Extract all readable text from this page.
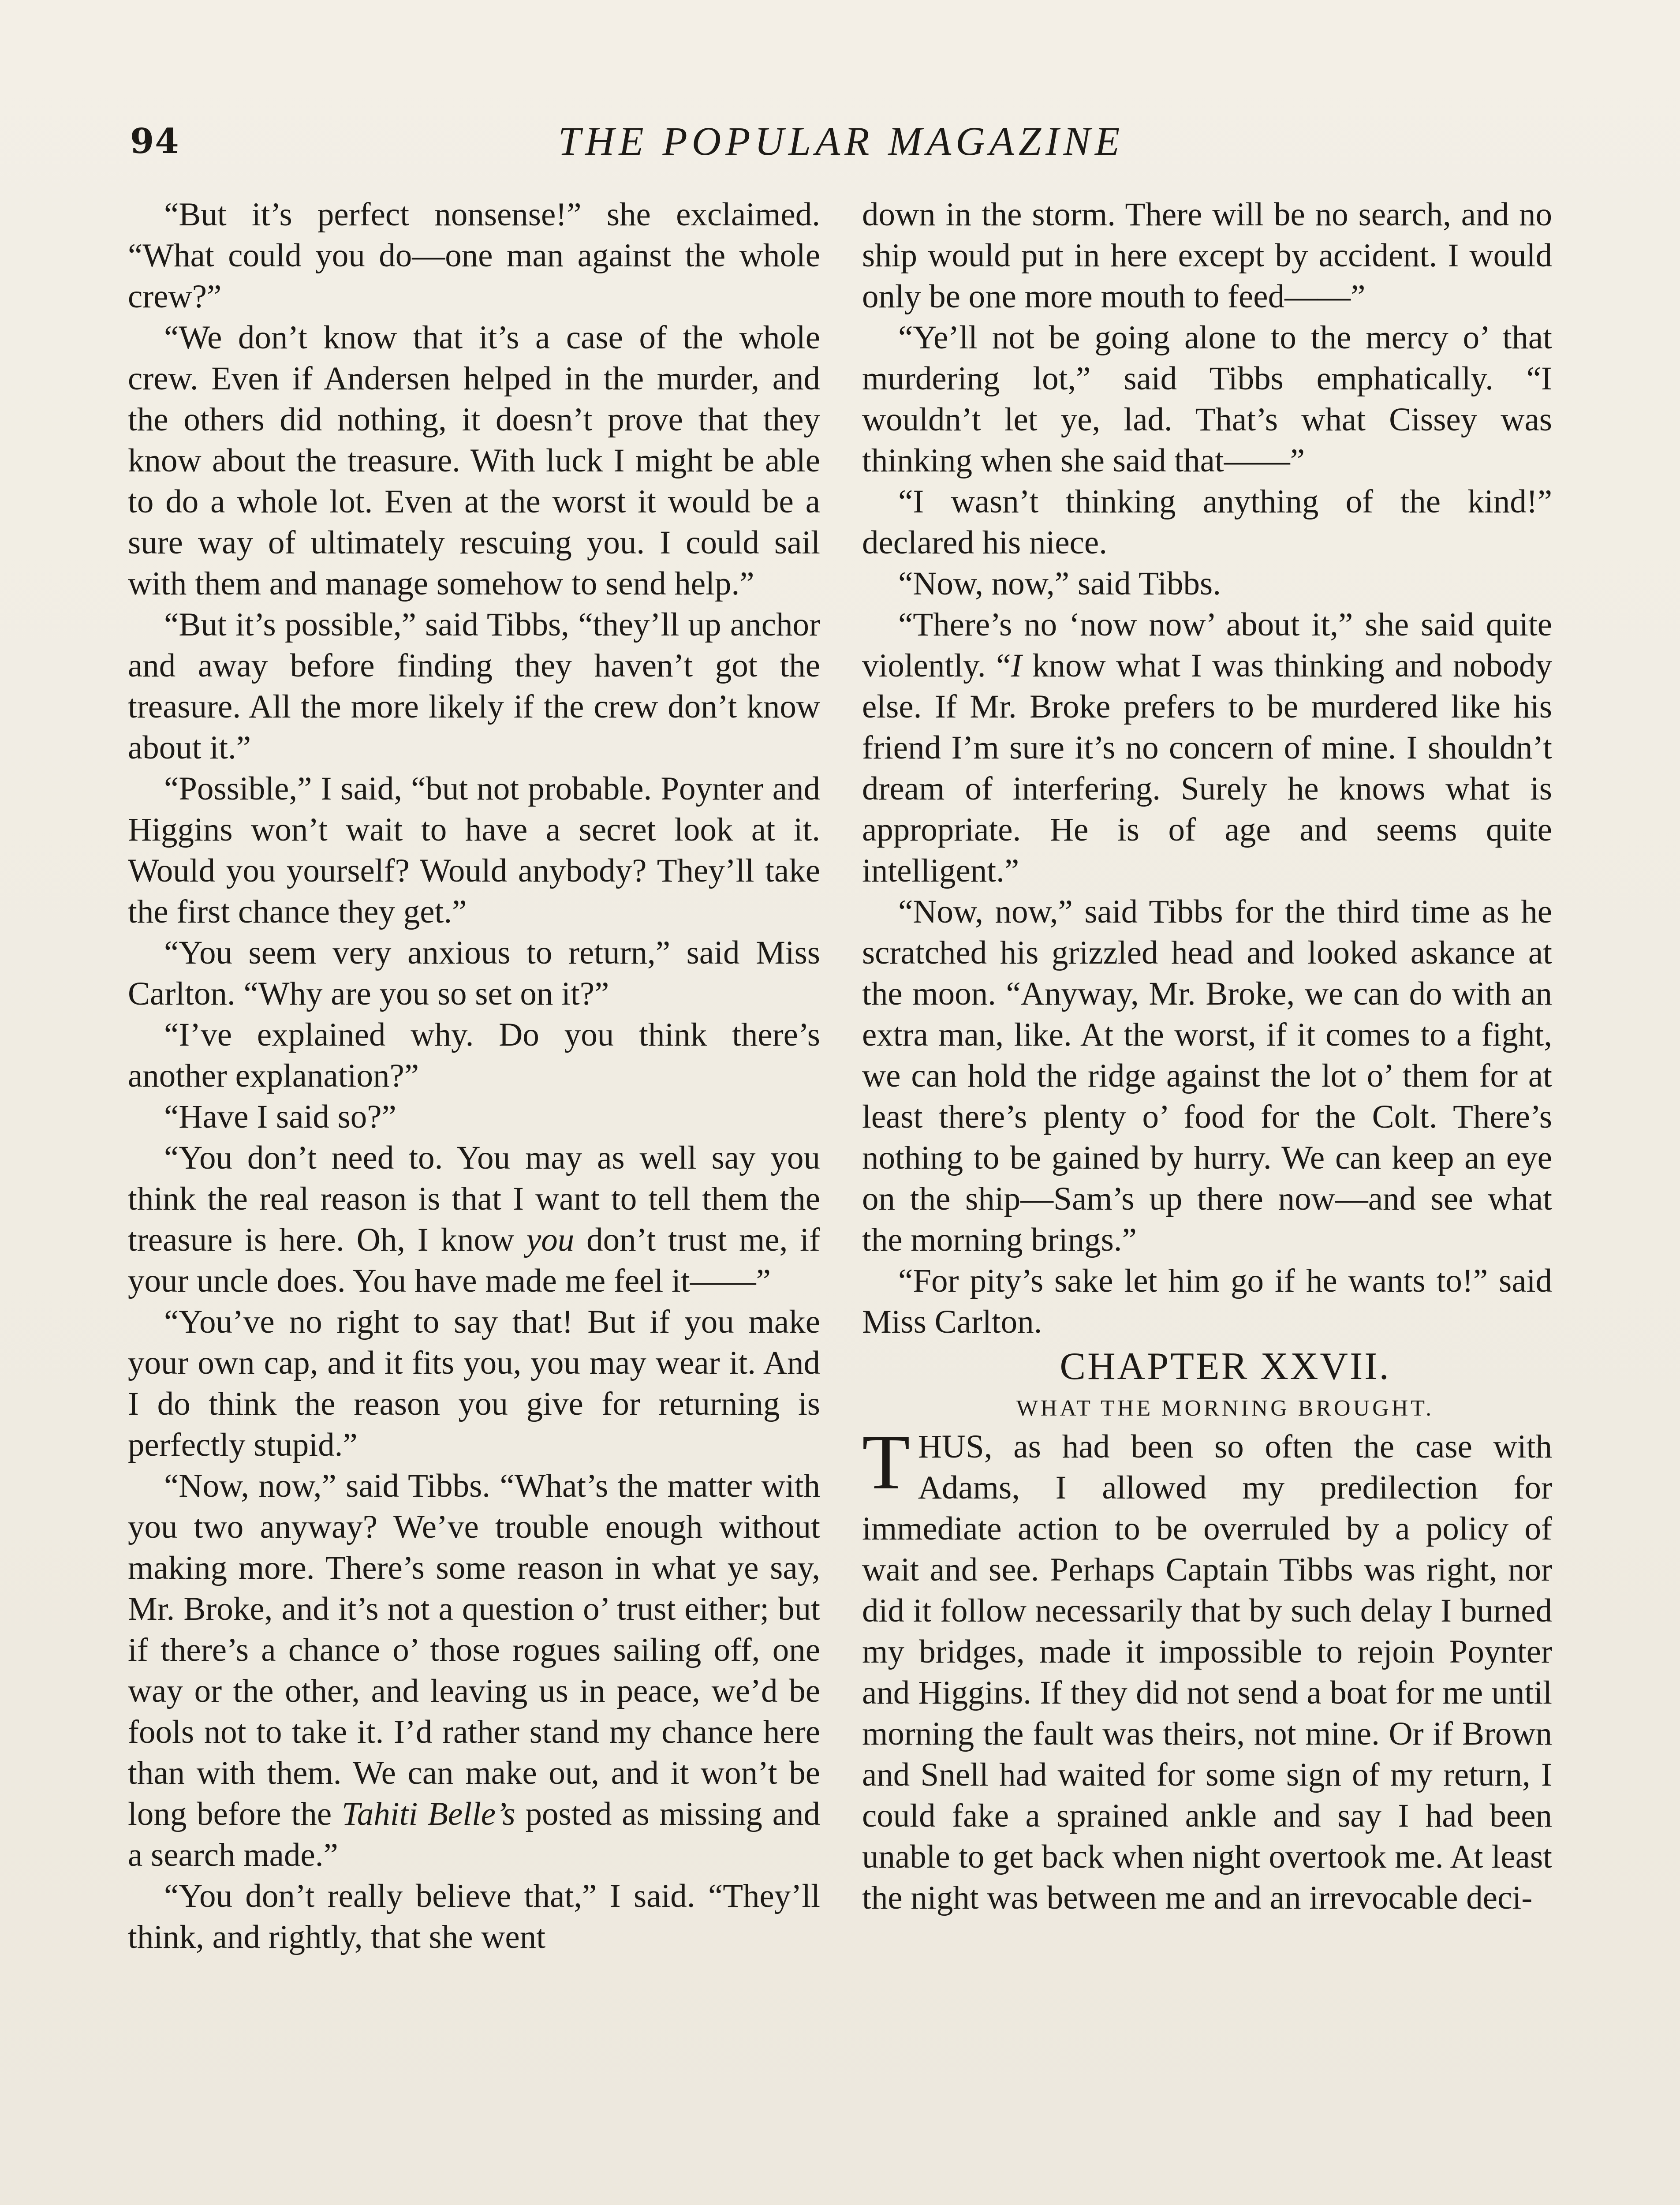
94	THE POPULAR MAGAZINE

“But it’s perfect nonsense!” she exclaimed. “What could you do—one man against the whole crew?”

“We don’t know that it’s a case of the whole crew. Even if Andersen helped in the murder, and the others did nothing, it doesn’t prove that they know about the treasure. With luck I might be able to do a whole lot. Even at the worst it would be a sure way of ultimately rescuing you. I could sail with them and manage somehow to send help.”

“But it’s possible,” said Tibbs, “they’ll up anchor and away before finding they haven’t got the treasure. All the more likely if the crew don’t know about it.”

“Possible,” I said, “but not probable. Poynter and Higgins won’t wait to have a secret look at it. Would you yourself? Would anybody? They’ll take the first chance they get.”

“You seem very anxious to return,” said Miss Carlton. “Why are you so set on it?”

“I’ve explained why. Do you think there’s another explanation?”

“Have I said so?”

“You don’t need to. You may as well say you think the real reason is that I want to tell them the treasure is here. Oh, I know you don’t trust me, if your uncle does. You have made me feel it——”

“You’ve no right to say that! But if you make your own cap, and it fits you, you may wear it. And I do think the reason you give for returning is perfectly stupid.”

“Now, now,” said Tibbs. “What’s the matter with you two anyway? We’ve trouble enough without making more. There’s some reason in what ye say, Mr. Broke, and it’s not a question o’ trust either; but if there’s a chance o’ those rogues sailing off, one way or the other, and leaving us in peace, we’d be fools not to take it. I’d rather stand my chance here than with them. We can make out, and it won’t be long before the Tahiti Belle’s posted as missing and a search made.”

“You don’t really believe that,” I said. “They’ll think, and rightly, that she went

down in the storm. There will be no search, and no ship would put in here except by accident. I would only be one more mouth to feed——”

“Ye’ll not be going alone to the mercy o’ that murdering lot,” said Tibbs emphatically. “I wouldn’t let ye, lad. That’s what Cissey was thinking when she said that——”

“I wasn’t thinking anything of the kind!” declared his niece.

“Now, now,” said Tibbs.

“There’s no ‘now now’ about it,” she said quite violently. “I know what I was thinking and nobody else. If Mr. Broke prefers to be murdered like his friend I’m sure it’s no concern of mine. I shouldn’t dream of interfering. Surely he knows what is appropriate. He is of age and seems quite intelligent.”

“Now, now,” said Tibbs for the third time as he scratched his grizzled head and looked askance at the moon. “Anyway, Mr. Broke, we can do with an extra man, like. At the worst, if it comes to a fight, we can hold the ridge against the lot o’ them for at least there’s plenty o’ food for the Colt. There’s nothing to be gained by hurry. We can keep an eye on the ship—Sam’s up there now—and see what the morning brings.”

“For pity’s sake let him go if he wants to!” said Miss Carlton.

CHAPTER XXVII.

WHAT THE MORNING BROUGHT.

THUS, as had been so often the case with Adams, I allowed my predilection for immediate action to be overruled by a policy of wait and see. Perhaps Captain Tibbs was right, nor did it follow necessarily that by such delay I burned my bridges, made it impossible to rejoin Poynter and Higgins. If they did not send a boat for me until morning the fault was theirs, not mine. Or if Brown and Snell had waited for some sign of my return, I could fake a sprained ankle and say I had been unable to get back when night overtook me. At least the night was between me and an irrevocable deci-
